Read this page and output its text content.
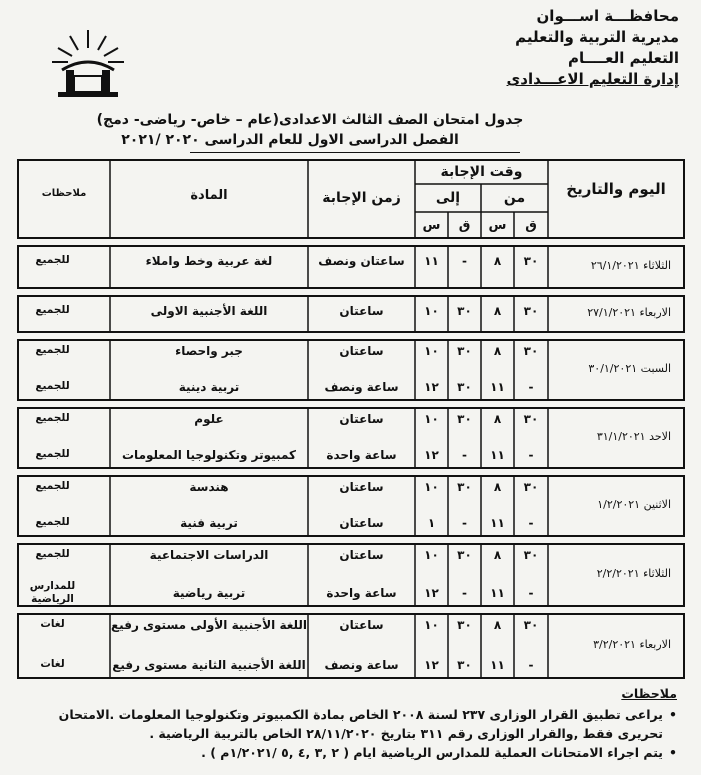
محافظـــة اســـوان
مديرية التربية والتعليم
التعليم العــــام
إدارة التعليم الاعـــدادى
جدول امتحان الصف الثالث الاعدادى(عام – خاص- رياضى- دمج)
الفصل الدراسى الاول للعام الدراسى ٢٠٢٠ /٢٠٢١
اليوم والتاريخ
وقت الإجابة
من
إلى
ق
س
ق
س
زمن الإجابة
المادة
ملاحظات
الثلاثاء ٢٦/١/٢٠٢١
٣٠
٨
-
١١
ساعتان ونصف
لغة عربية وخط واملاء
للجميع
الاربعاء ٢٧/١/٢٠٢١
٣٠
٨
٣٠
١٠
ساعتان
اللغة الأجنبية الاولى
للجميع
السبت ٣٠/١/٢٠٢١
٣٠
٨
٣٠
١٠
ساعتان
جبر واحصاء
للجميع
-
١١
٣٠
١٢
ساعة ونصف
تربية دينية
للجميع
الاحد ٣١/١/٢٠٢١
٣٠
٨
٣٠
١٠
ساعتان
علوم
للجميع
-
١١
-
١٢
ساعة واحدة
كمبيوتر وتكنولوجيا المعلومات
للجميع
الاثنين ١/٢/٢٠٢١
٣٠
٨
٣٠
١٠
ساعتان
هندسة
للجميع
-
١١
-
١
ساعتان
تربية فنية
للجميع
الثلاثاء ٢/٢/٢٠٢١
٣٠
٨
٣٠
١٠
ساعتان
الدراسات الاجتماعية
للجميع
-
١١
-
١٢
ساعة واحدة
تربية رياضية
للمدارس الرياضية
الاربعاء ٣/٢/٢٠٢١
٣٠
٨
٣٠
١٠
ساعتان
اللغة الأجنبية الأولى مستوى رفيع
لغات
-
١١
٣٠
١٢
ساعة ونصف
اللغة الأجنبية الثانية مستوى رفيع
لغات
ملاحظات
• يراعى تطبيق القرار الوزارى ٢٣٧ لسنة ٢٠٠٨ الخاص بمادة الكمبيوتر وتكنولوجيا المعلومات .الامتحان تحريرى فقط ,والقرار الوزارى رقم ٣١١ بتاريخ ٢٨/١١/٢٠٢٠ الخاص بالتربية الرياضية .
• يتم اجراء الامتحانات العملية للمدارس الرياضية ايام ( ٢ ,٣ ,٤ ,٥ /١/٢٠٢١م ) .
